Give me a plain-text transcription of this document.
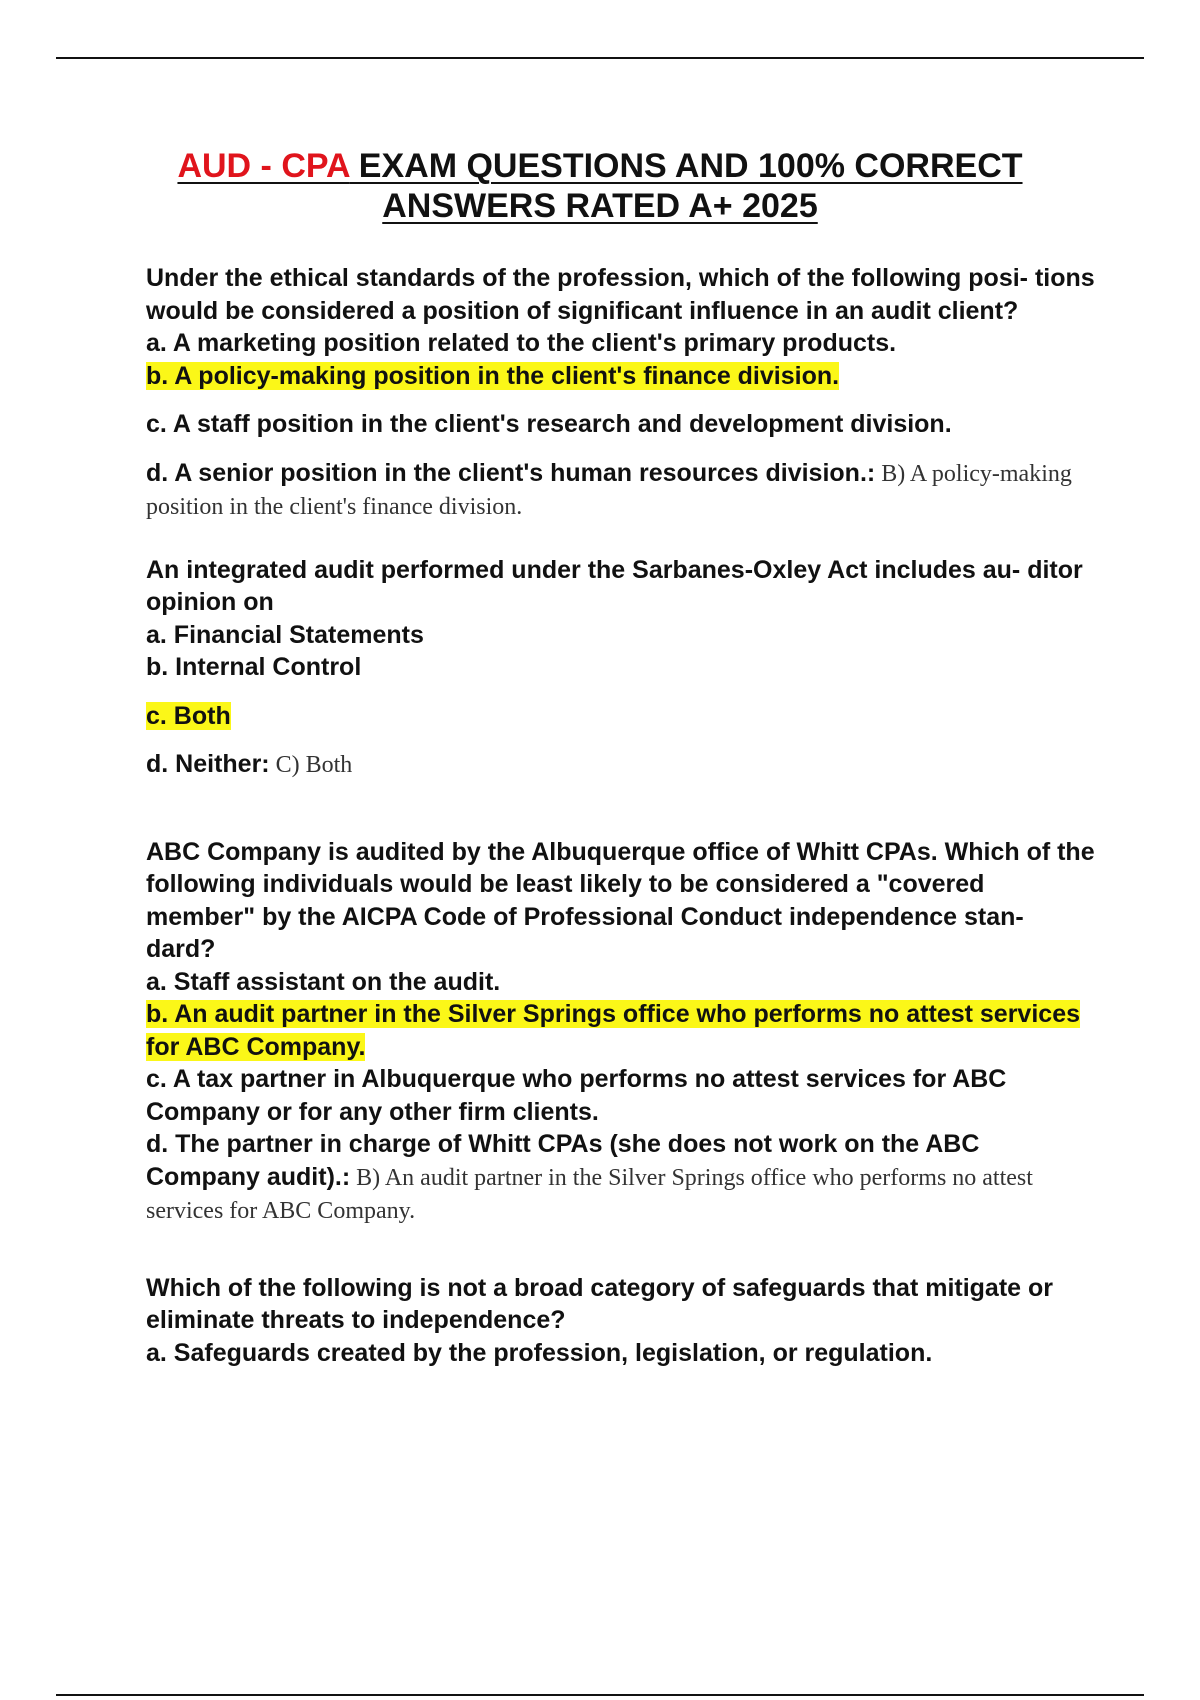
AUD - CPA EXAM QUESTIONS AND 100% CORRECT
ANSWERS RATED A+ 2025

Under the ethical standards of the profession, which of the following posi- tions would be considered a position of significant influence in an audit client?

a. A marketing position related to the client's primary products.

b. A policy-making position in the client's finance division.

c. A staff position in the client's research and development division.

d. A senior position in the client's human resources division.: B) A policy-making position in the client's finance division.

An integrated audit performed under the Sarbanes-Oxley Act includes au- ditor opinion on

a. Financial Statements

b. Internal Control

c. Both

d. Neither: C) Both

ABC Company is audited by the Albuquerque office of Whitt CPAs. Which of the following individuals would be least likely to be considered a "covered member" by the AICPA Code of Professional Conduct independence stan- dard?

a. Staff assistant on the audit.

b. An audit partner in the Silver Springs office who performs no attest services for ABC Company.

c. A tax partner in Albuquerque who performs no attest services for ABC Company or for any other firm clients.

d. The partner in charge of Whitt CPAs (she does not work on the ABC Company audit).: B) An audit partner in the Silver Springs office who performs no attest services for ABC Company.

Which of the following is not a broad category of safeguards that mitigate or eliminate threats to independence?

a. Safeguards created by the profession, legislation, or regulation.
